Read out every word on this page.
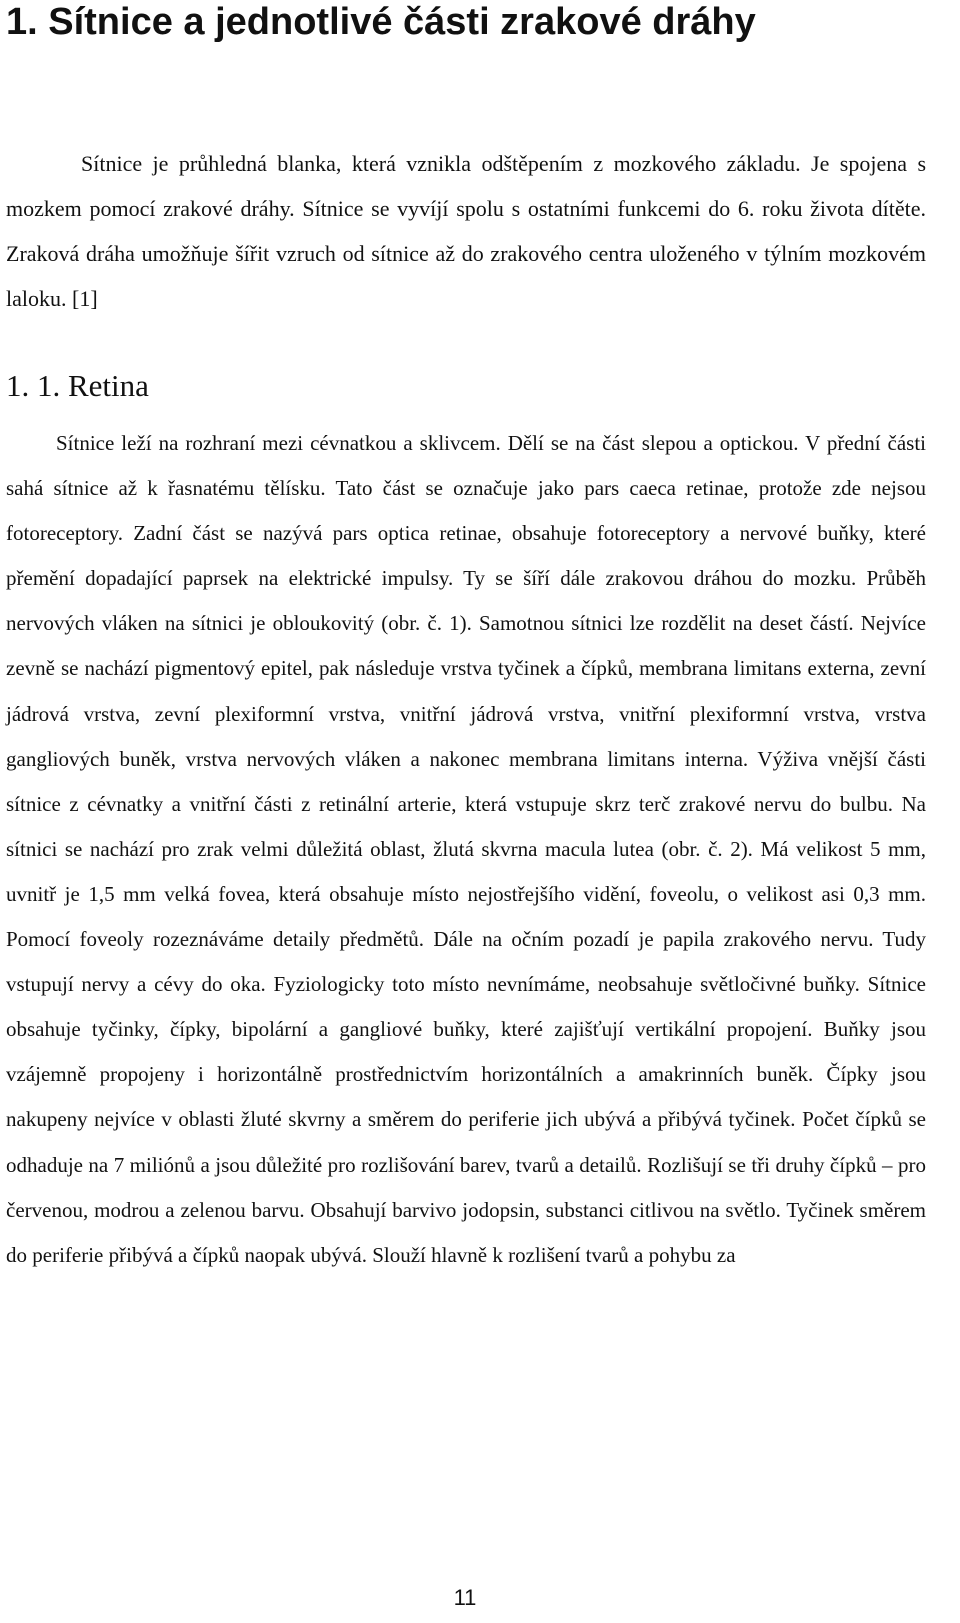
1. Sítnice a jednotlivé části zrakové dráhy

Sítnice je průhledná blanka, která vznikla odštěpením z mozkového základu. Je spojena s mozkem pomocí zrakové dráhy. Sítnice se vyvíjí spolu s ostatními funkcemi do 6. roku života dítěte. Zraková dráha umožňuje šířit vzruch od sítnice až do zrakového centra uloženého v týlním mozkovém laloku. [1]

1. 1. Retina

Sítnice leží na rozhraní mezi cévnatkou a sklivcem. Dělí se na část slepou a optickou. V přední části sahá sítnice až k řasnatému tělísku. Tato část se označuje jako pars caeca retinae, protože zde nejsou fotoreceptory. Zadní část se nazývá pars optica retinae, obsahuje fotoreceptory a nervové buňky, které přemění dopadající paprsek na elektrické impulsy. Ty se šíří dále zrakovou dráhou do mozku. Průběh nervových vláken na sítnici je obloukovitý (obr. č. 1). Samotnou sítnici lze rozdělit na deset částí. Nejvíce zevně se nachází pigmentový epitel, pak následuje vrstva tyčinek a čípků, membrana limitans externa, zevní jádrová vrstva, zevní plexiformní vrstva, vnitřní jádrová vrstva, vnitřní plexiformní vrstva, vrstva gangliových buněk, vrstva nervových vláken a nakonec membrana limitans interna. Výživa vnější části sítnice z cévnatky a vnitřní části z retinální arterie, která vstupuje skrz terč zrakové nervu do bulbu. Na sítnici se nachází pro zrak velmi důležitá oblast, žlutá skvrna macula lutea (obr. č. 2). Má velikost 5 mm, uvnitř je 1,5 mm velká fovea, která obsahuje místo nejostřejšího vidění, foveolu, o velikost asi 0,3 mm. Pomocí foveoly rozeznáváme detaily předmětů. Dále na očním pozadí je papila zrakového nervu. Tudy vstupují nervy a cévy do oka. Fyziologicky toto místo nevnímáme, neobsahuje světločivné buňky. Sítnice obsahuje tyčinky, čípky, bipolární a gangliové buňky, které zajišťují vertikální propojení. Buňky jsou vzájemně propojeny i horizontálně prostřednictvím horizontálních a amakrinních buněk. Čípky jsou nakupeny nejvíce v oblasti žluté skvrny a směrem do periferie jich ubývá a přibývá tyčinek. Počet čípků se odhaduje na 7 miliónů a jsou důležité pro rozlišování barev, tvarů a detailů. Rozlišují se tři druhy čípků – pro červenou, modrou a zelenou barvu. Obsahují barvivo jodopsin, substanci citlivou na světlo. Tyčinek směrem do periferie přibývá a čípků naopak ubývá. Slouží hlavně k rozlišení tvarů a pohybu za

11
